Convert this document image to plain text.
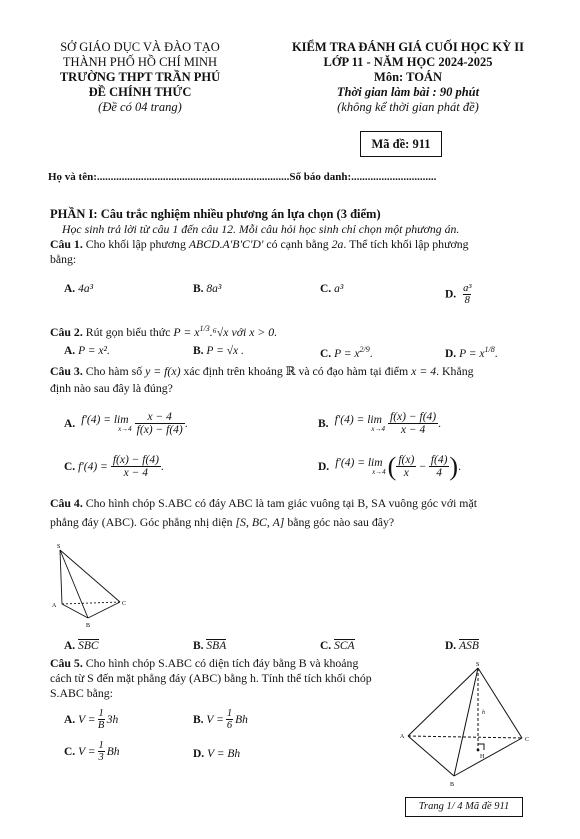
SỞ GIÁO DỤC VÀ ĐÀO TẠO
THÀNH PHỐ HỒ CHÍ MINH
TRƯỜNG THPT TRẦN PHÚ
ĐỀ CHÍNH THỨC
(Đề có 04 trang)
KIỂM TRA ĐÁNH GIÁ CUỐI HỌC KỲ II
LỚP 11 - NĂM HỌC 2024-2025
Môn: TOÁN
Thời gian làm bài : 90 phút
(không kể thời gian phát đề)
Mã đề: 911
Họ và tên:......................................................................Số báo danh:...............................
PHẦN I: Câu trắc nghiệm nhiều phương án lựa chọn (3 điểm)
Học sinh trả lời từ câu 1 đến câu 12. Mỗi câu hỏi học sinh chỉ chọn một phương án.
Câu 1. Cho khối lập phương ABCD.A'B'C'D' có cạnh bằng 2a. Thể tích khối lập phương
bằng:
A. 4a³	B. 8a³	C. a³	D. $\frac{\text{a³}}{8}$
Câu 2. Rút gọn biểu thức $P = x^{1/3}.^6√x$ với x > 0.
A. P = x².	B. P = √x .	C. $P = x^{2/9}$.	D. $P = x^{1/8}$.
Câu 3. Cho hàm số y = f(x) xác định trên khoảng ℝ và có đạo hàm tại điểm x = 4. Khẳng
định nào sau đây là đúng?
A.
f′(4) = lim
$x\to 4 \frac{x - 4}{f(x) - f(4)}$ .	B.
f′(4) = lim
$x\to 4 \frac{f(x) - f(4)}{x - 4}$ .
C.
$f'(4) = \frac{f(x) - f(4)}{x - 4}$ .	D.
f′(4) = lim
x→4 ( f(x)
x
− $\frac{f(4)}{4}$ ) .
Câu 4. Cho hình chóp S.ABC có đáy ABC là tam giác vuông tại B, SA vuông góc với mặt
phẳng đáy (ABC). Góc phẳng nhị diện [S, BC, A] bằng góc nào sau đây?
S
A
B
C
A. SBC	B. SBA	C. SCA	D. ASB
Câu 5. Cho hình chóp S.ABC có diện tích đáy bằng B và khoảng
cách từ S đến mặt phẳng đáy (ABC) bằng h. Tính thể tích khối chóp
S.ABC bằng:
A.
$V = \frac{1}{B} 3h$	B.
$V = \frac{1}{6}$ Bh
C.
$V = \frac{1}{3}$ Bh	D. V = Bh
S
A
B
C
H
h
Trang 1/ 4 Mã đề 911
